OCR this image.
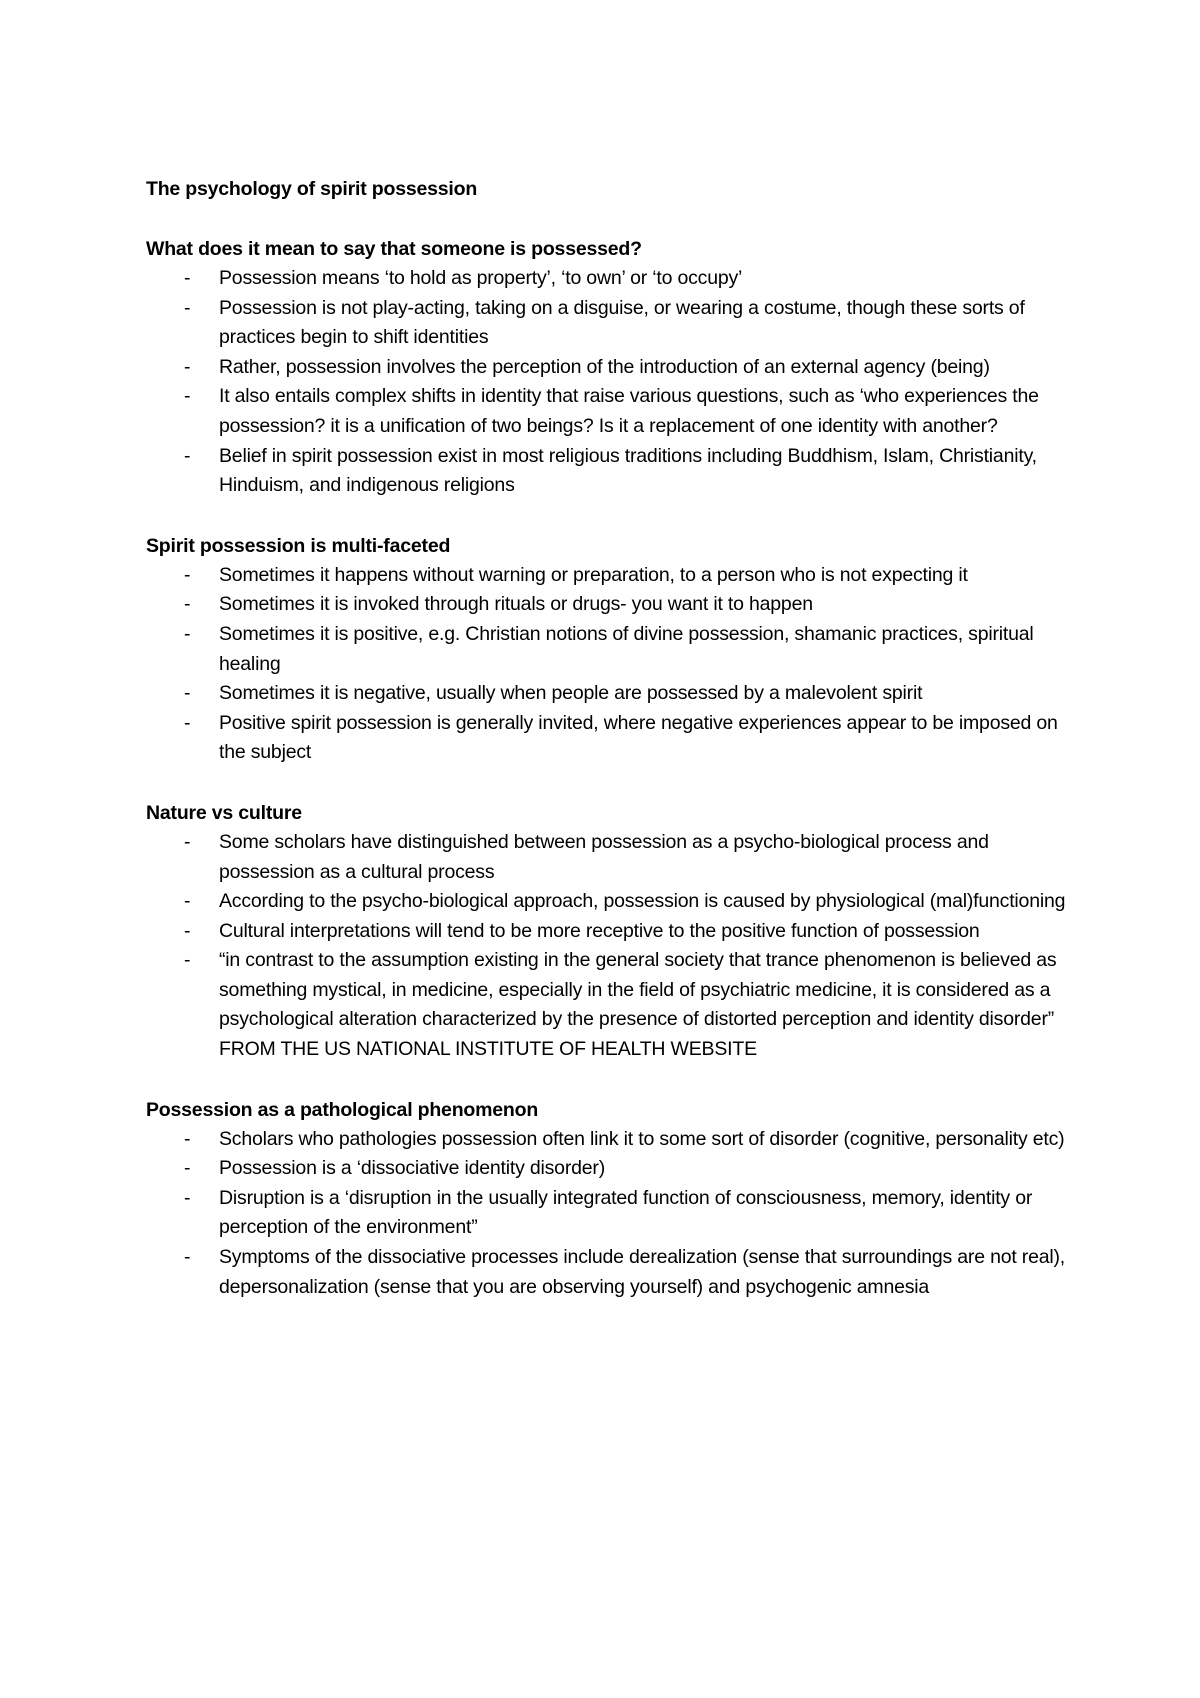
The psychology of spirit possession
What does it mean to say that someone is possessed?
- Possession means ‘to hold as property’, ‘to own’ or ‘to occupy’
- Possession is not play-acting, taking on a disguise, or wearing a costume, though these sorts of practices begin to shift identities
- Rather, possession involves the perception of the introduction of an external agency (being)
- It also entails complex shifts in identity that raise various questions, such as ‘who experiences the possession? it is a unification of two beings? Is it a replacement of one identity with another?
- Belief in spirit possession exist in most religious traditions including Buddhism, Islam, Christianity, Hinduism, and indigenous religions
Spirit possession is multi-faceted
- Sometimes it happens without warning or preparation, to a person who is not expecting it
- Sometimes it is invoked through rituals or drugs- you want it to happen
- Sometimes it is positive, e.g. Christian notions of divine possession, shamanic practices, spiritual healing
- Sometimes it is negative, usually when people are possessed by a malevolent spirit
- Positive spirit possession is generally invited, where negative experiences appear to be imposed on the subject
Nature vs culture
- Some scholars have distinguished between possession as a psycho-biological process and possession as a cultural process
- According to the psycho-biological approach, possession is caused by physiological (mal)functioning
- Cultural interpretations will tend to be more receptive to the positive function of possession
- “in contrast to the assumption existing in the general society that trance phenomenon is believed as something mystical, in medicine, especially in the field of psychiatric medicine, it is considered as a psychological alteration characterized by the presence of distorted perception and identity disorder” FROM THE US NATIONAL INSTITUTE OF HEALTH WEBSITE
Possession as a pathological phenomenon
- Scholars who pathologies possession often link it to some sort of disorder (cognitive, personality etc)
- Possession is a ‘dissociative identity disorder)
- Disruption is a ‘disruption in the usually integrated function of consciousness, memory, identity or perception of the environment”
- Symptoms of the dissociative processes include derealization (sense that surroundings are not real), depersonalization (sense that you are observing yourself) and psychogenic amnesia
